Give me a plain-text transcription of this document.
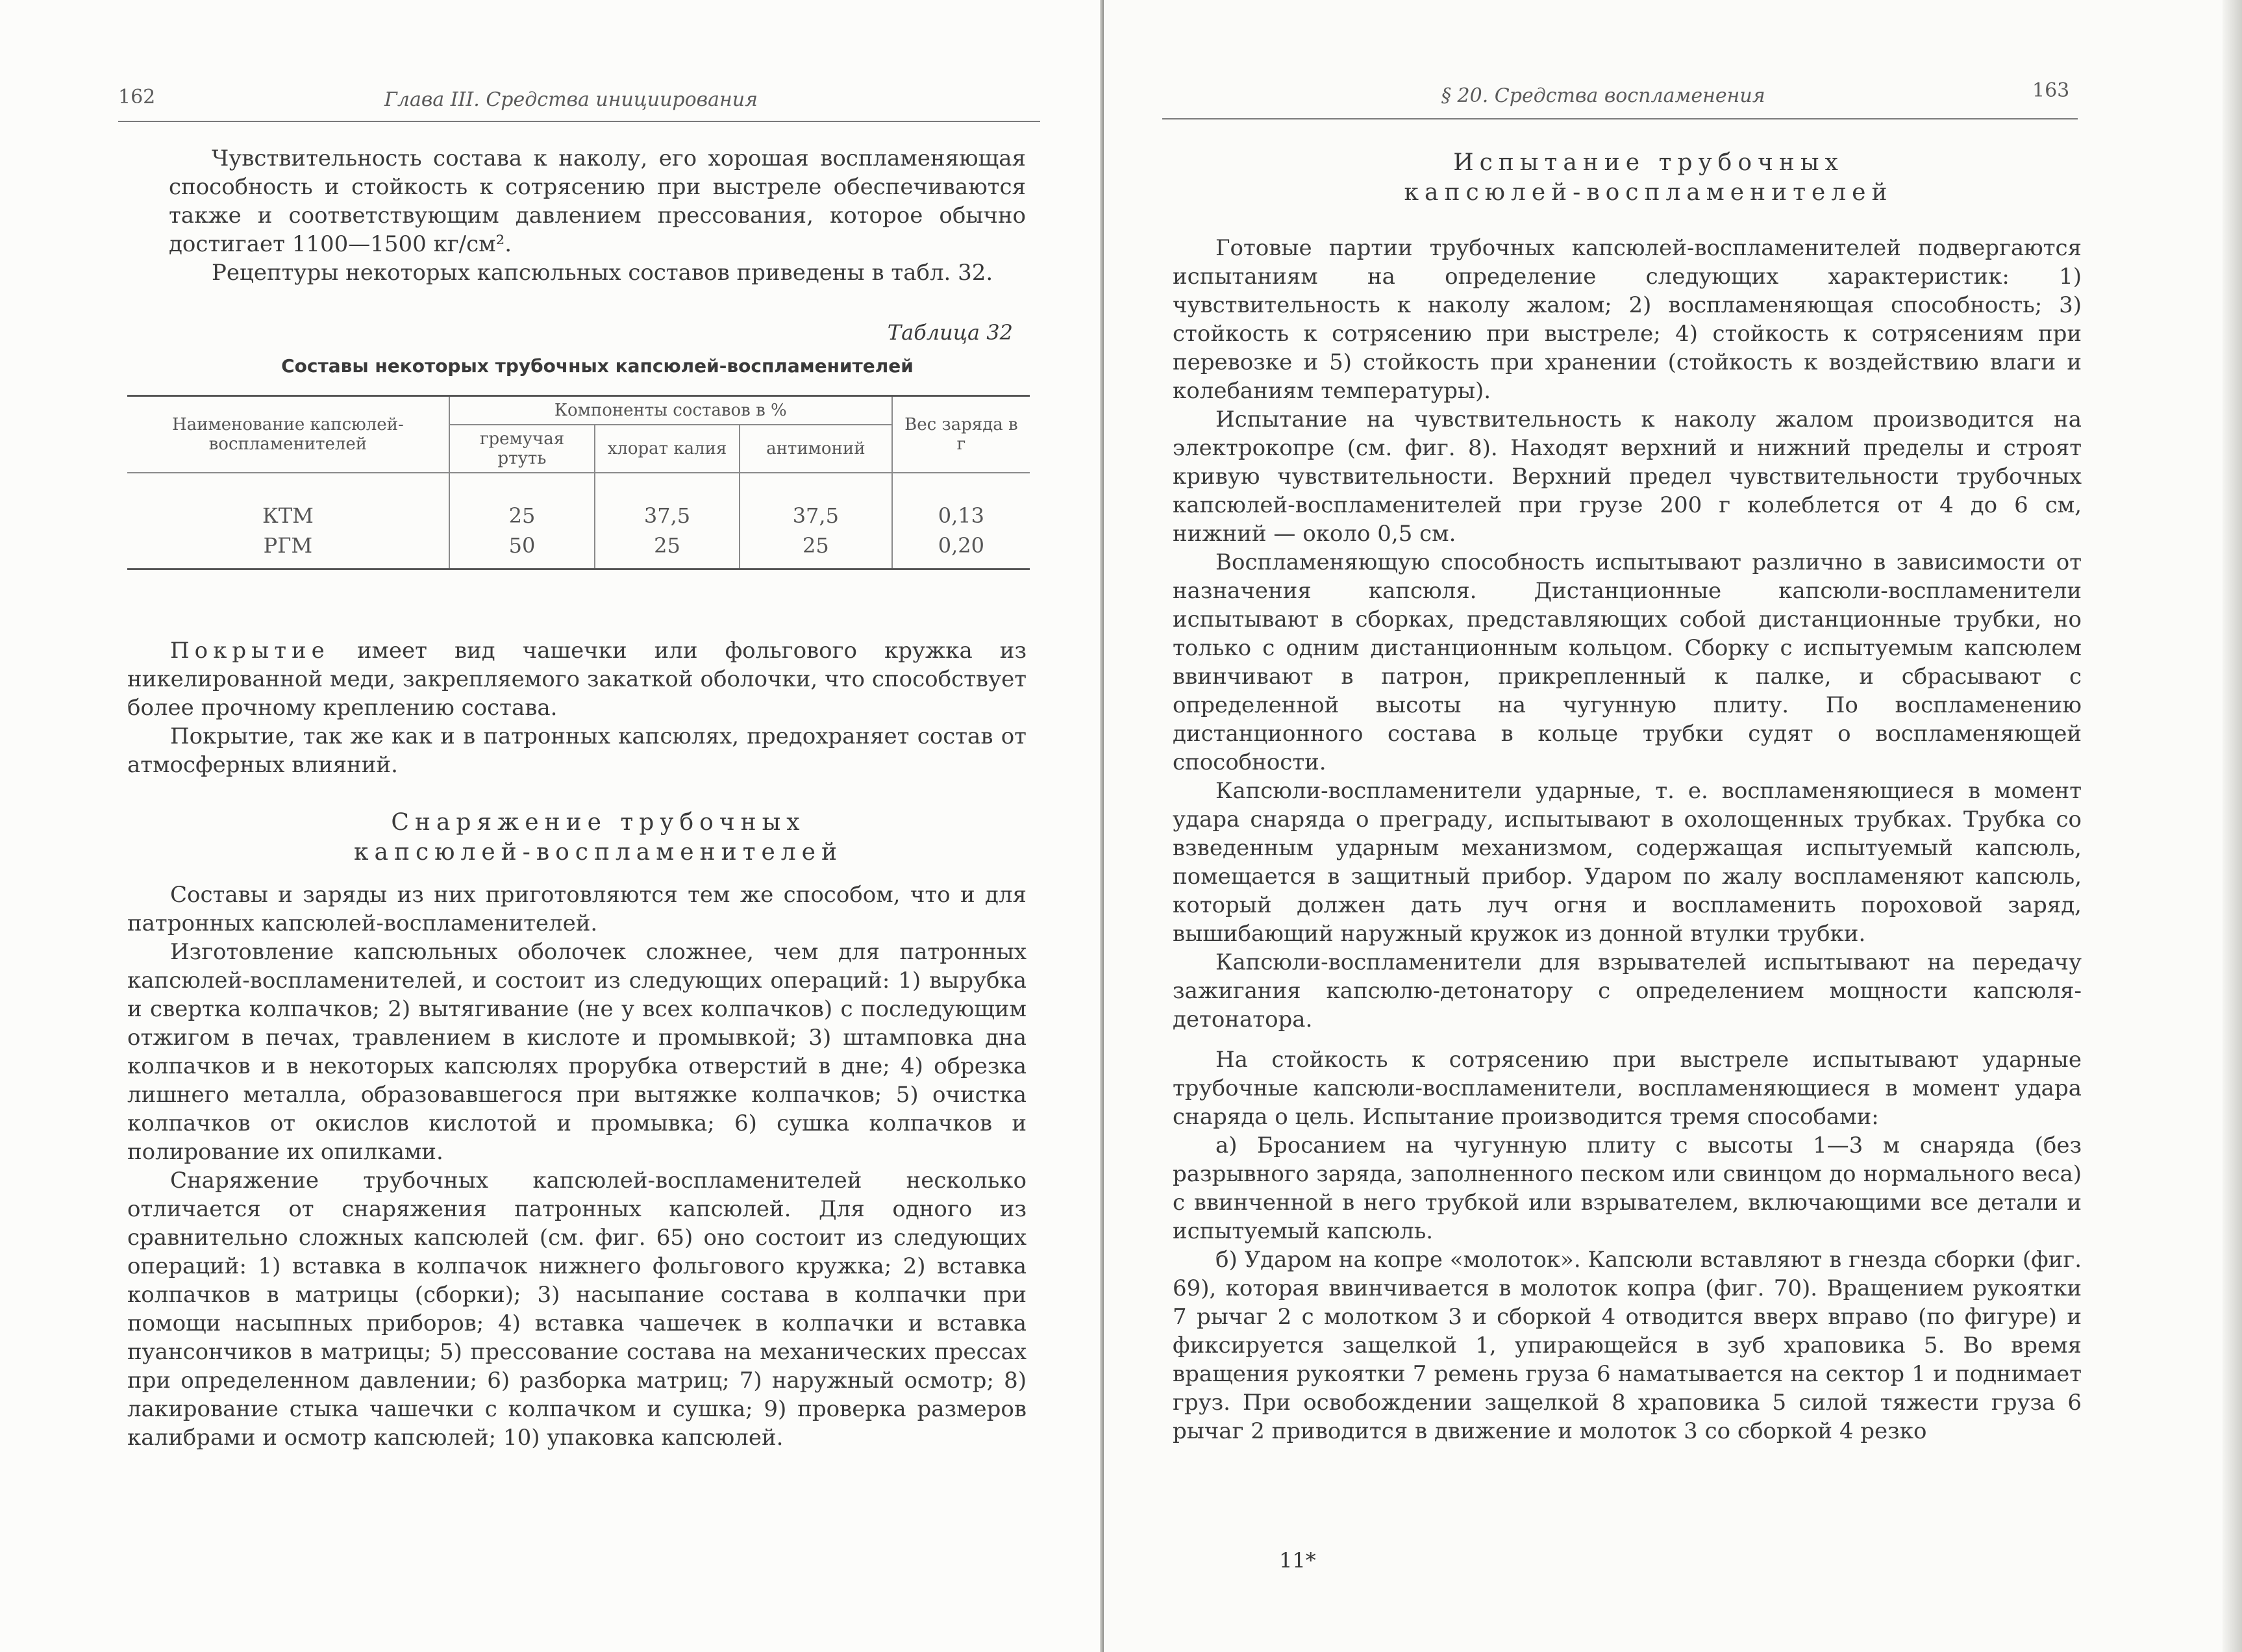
162	Глава III. Средства инициирования

Чувствительность состава к наколу, его хорошая воспламеняющая способность и стойкость к сотрясению при выстреле обеспечиваются также и соответствующим давлением прессования, которое обычно достигает 1100—1500 кг/см².

Рецептуры некоторых капсюльных составов приведены в табл. 32.

Таблица 32
Составы некоторых трубочных капсюлей-воспламенителей
Наименование капсюлей-воспламенителей	Компоненты составов в %			Вес заряда в г
	гремучая ртуть	хлорат калия	антимоний	
КТМ	25	37,5	37,5	0,13
РГМ	50	25	25	0,20

Покрытие имеет вид чашечки или фольгового кружка из никелированной меди, закрепляемого закаткой оболочки, что способствует более прочному креплению состава.

Покрытие, так же как и в патронных капсюлях, предохраняет состав от атмосферных влияний.

Снаряжение трубочных

капсюлей-воспламенителей

Составы и заряды из них приготовляются тем же способом, что и для патронных капсюлей-воспламенителей.

Изготовление капсюльных оболочек сложнее, чем для патронных капсюлей-воспламенителей, и состоит из следующих операций: 1) вырубка и свертка колпачков; 2) вытягивание (не у всех колпачков) с последующим отжигом в печах, травлением в кислоте и промывкой; 3) штамповка дна колпачков и в некоторых капсюлях прорубка отверстий в дне; 4) обрезка лишнего металла, образовавшегося при вытяжке колпачков; 5) очистка колпачков от окислов кислотой и промывка; 6) сушка колпачков и полирование их опилками.

Снаряжение трубочных капсюлей-воспламенителей несколько отличается от снаряжения патронных капсюлей. Для одного из сравнительно сложных капсюлей (см. фиг. 65) оно состоит из следующих операций: 1) вставка в колпачок нижнего фольгового кружка; 2) вставка колпачков в матрицы (сборки); 3) насыпание состава в колпачки при помощи насыпных приборов; 4) вставка чашечек в колпачки и вставка пуансончиков в матрицы; 5) прессование состава на механических прессах при определенном давлении; 6) разборка матриц; 7) наружный осмотр; 8) лакирование стыка чашечки с колпачком и сушка; 9) проверка размеров калибрами и осмотр капсюлей; 10) упаковка капсюлей.

§ 20. Средства воспламенения	163

Испытание трубочных

капсюлей-воспламенителей

Готовые партии трубочных капсюлей-воспламенителей подвергаются испытаниям на определение следующих характеристик: 1) чувствительность к наколу жалом; 2) воспламеняющая способность; 3) стойкость к сотрясению при выстреле; 4) стойкость к сотрясениям при перевозке и 5) стойкость при хранении (стойкость к воздействию влаги и колебаниям температуры).

Испытание на чувствительность к наколу жалом производится на электрокопре (см. фиг. 8). Находят верхний и нижний пределы и строят кривую чувствительности. Верхний предел чувствительности трубочных капсюлей-воспламенителей при грузе 200 г колеблется от 4 до 6 см, нижний — около 0,5 см.

Воспламеняющую способность испытывают различно в зависимости от назначения капсюля. Дистанционные капсюли-воспламенители испытывают в сборках, представляющих собой дистанционные трубки, но только с одним дистанционным кольцом. Сборку с испытуемым капсюлем ввинчивают в патрон, прикрепленный к палке, и сбрасывают с определенной высоты на чугунную плиту. По воспламенению дистанционного состава в кольце трубки судят о воспламеняющей способности.

Капсюли-воспламенители ударные, т. е. воспламеняющиеся в момент удара снаряда о преграду, испытывают в охолощенных трубках. Трубка со взведенным ударным механизмом, содержащая испытуемый капсюль, помещается в защитный прибор. Ударом по жалу воспламеняют капсюль, который должен дать луч огня и воспламенить пороховой заряд, вышибающий наружный кружок из донной втулки трубки.

Капсюли-воспламенители для взрывателей испытывают на передачу зажигания капсюлю-детонатору с определением мощности капсюля-детонатора.

На стойкость к сотрясению при выстреле испытывают ударные трубочные капсюли-воспламенители, воспламеняющиеся в момент удара снаряда о цель. Испытание производится тремя способами:

а) Бросанием на чугунную плиту с высоты 1—3 м снаряда (без разрывного заряда, заполненного песком или свинцом до нормального веса) с ввинченной в него трубкой или взрывателем, включающими все детали и испытуемый капсюль.

б) Ударом на копре «молоток». Капсюли вставляют в гнезда сборки (фиг. 69), которая ввинчивается в молоток копра (фиг. 70). Вращением рукоятки 7 рычаг 2 с молотком 3 и сборкой 4 отводится вверх вправо (по фигуре) и фиксируется защелкой 1, упирающейся в зуб храповика 5. Во время вращения рукоятки 7 ремень груза 6 наматывается на сектор 1 и поднимает груз. При освобождении защелкой 8 храповика 5 силой тяжести груза 6 рычаг 2 приводится в движение и молоток 3 со сборкой 4 резко

11*
